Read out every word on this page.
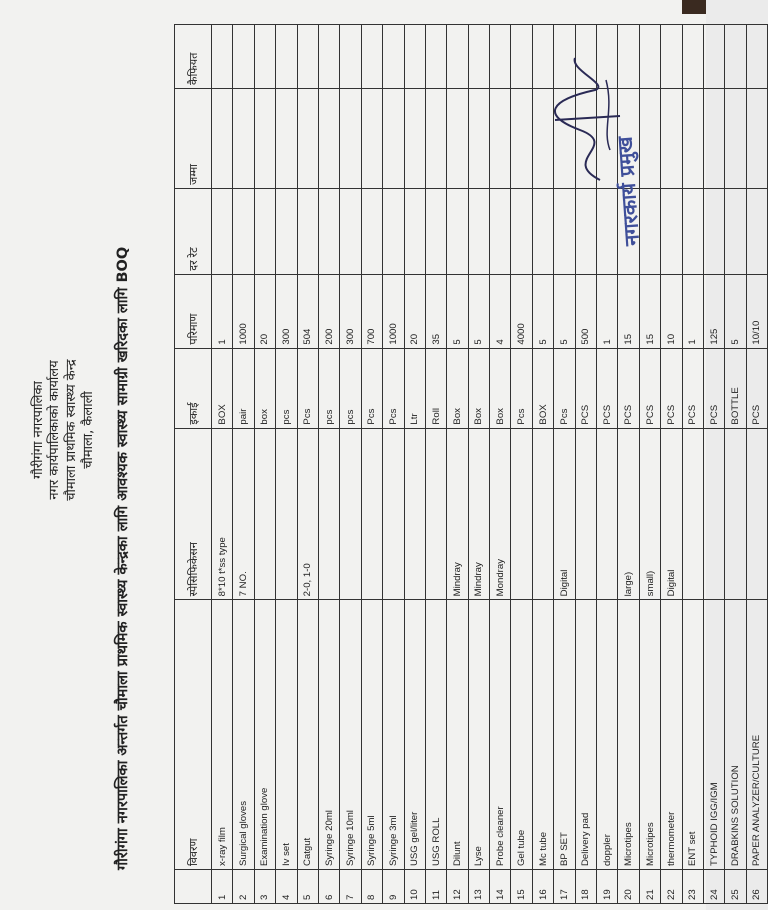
गौरीगंगा नगरपालिका नगर कार्यपालिकाको कार्यालय चौमाला प्राथमिक स्वास्थ्य केन्द्र चौमाला, कैलाली गौरीगंगा नगरपालिका अन्तर्गत चौमाला प्राथमिक स्वास्थ्य केन्द्रका लागि आवश्यक स्वास्थ्य सामाग्री खरिदका लागि BOQ
		विवरण	स्पेसिफिकेसन	इकाई	परिमाण	दर रेट	जम्मा	कैफियत
1	x-ray film	8*10 t*ss type	BOX	1			
2	Surgical gloves	7 NO.	pair	1000			
3	Examination glove		box	20			
4	Iv set		pcs	300			
5	Catgut	2-0, 1-0	Pcs	504			
6	Syringe 20ml		pcs	200			
7	Syringe 10ml		pcs	300			
8	Syringe 5ml		Pcs	700			
9	Syringe 3ml		Pcs	1000			
10	USG gel/liter		Ltr	20			
11	USG ROLL		Roll	35			
12	Dilunt	Mindray	Box	5			
13	Lyse	Mindray	Box	5			
14	Probe cleaner	Mondray	Box	4			
15	Gel tube		Pcs	4000			
16	Mc tube		BOX	5			
17	BP SET	Digital	Pcs	5			
18	Delivery pad		PCS	500			
19	doppler		PCS	1			
20	Microtipes	large)	PCS	15			
21	Microtipes	small)	PCS	15			
22	thermometer	Digital	PCS	10			
23	ENT set		PCS	1			
24	TYPHOID IGG/IGM		PCS	125			
25	DRABKINS SOLUTION		BOTTLE	5			
26	PAPER ANALYZER/CULTURE		PCS	10/10			
नगरकार्य प्रमुख
